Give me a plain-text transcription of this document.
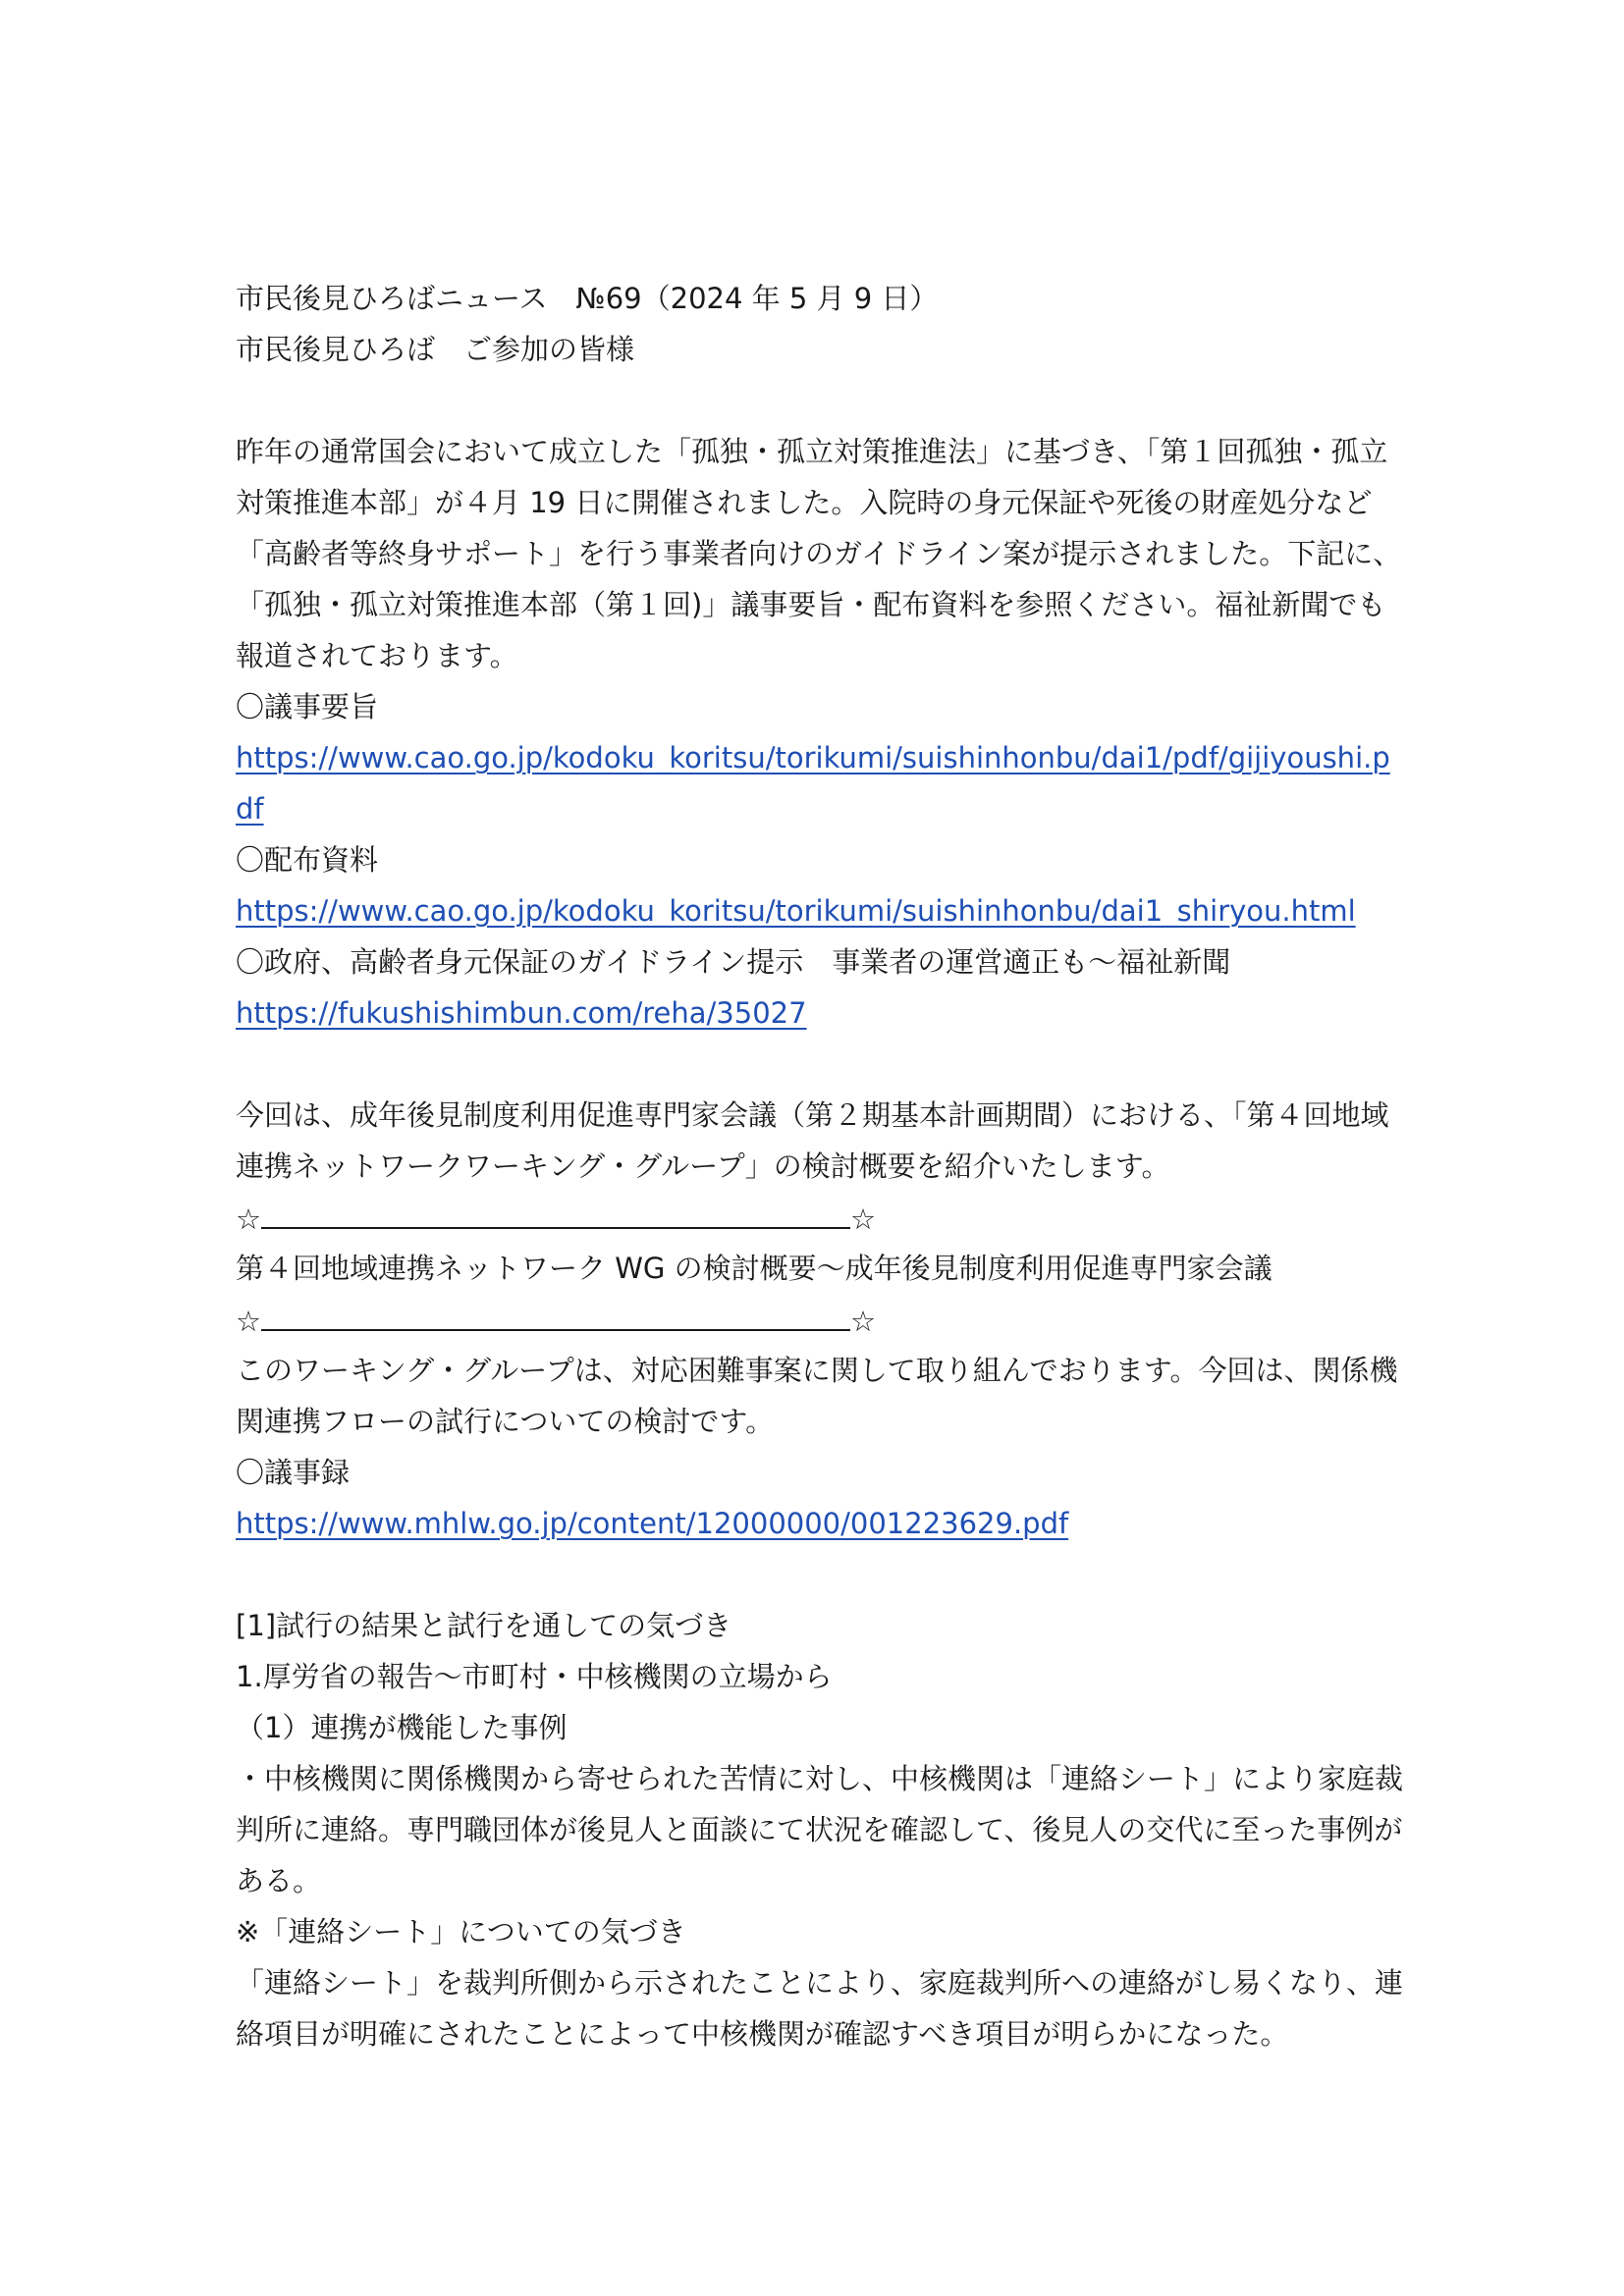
市民後見ひろばニュース　№69（2024 年 5 月 9 日）
市民後見ひろば　ご参加の皆様
昨年の通常国会において成立した「孤独・孤立対策推進法」に基づき、「第１回孤独・孤立対策推進本部」が４月 19 日に開催されました。入院時の身元保証や死後の財産処分など「高齢者等終身サポート」を行う事業者向けのガイドライン案が提示されました。下記に、「孤独・孤立対策推進本部（第１回)」議事要旨・配布資料を参照ください。福祉新聞でも報道されております。
〇議事要旨
https://www.cao.go.jp/kodoku_koritsu/torikumi/suishinhonbu/dai1/pdf/gijiyoushi.pdf
〇配布資料
https://www.cao.go.jp/kodoku_koritsu/torikumi/suishinhonbu/dai1_shiryou.html
〇政府、高齢者身元保証のガイドライン提示　事業者の運営適正も～福祉新聞
https://fukushishimbun.com/reha/35027
今回は、成年後見制度利用促進専門家会議（第２期基本計画期間）における、「第４回地域連携ネットワークワーキング・グループ」の検討概要を紹介いたします。
☆	☆
第４回地域連携ネットワーク WG の検討概要～成年後見制度利用促進専門家会議
☆	☆
このワーキング・グループは、対応困難事案に関して取り組んでおります。今回は、関係機関連携フローの試行についての検討です。
〇議事録
https://www.mhlw.go.jp/content/12000000/001223629.pdf
[1]試行の結果と試行を通しての気づき
1.厚労省の報告～市町村・中核機関の立場から
（1）連携が機能した事例
・中核機関に関係機関から寄せられた苦情に対し、中核機関は「連絡シート」により家庭裁判所に連絡。専門職団体が後見人と面談にて状況を確認して、後見人の交代に至った事例がある。
※「連絡シート」についての気づき
「連絡シート」を裁判所側から示されたことにより、家庭裁判所への連絡がし易くなり、連絡項目が明確にされたことによって中核機関が確認すべき項目が明らかになった。
